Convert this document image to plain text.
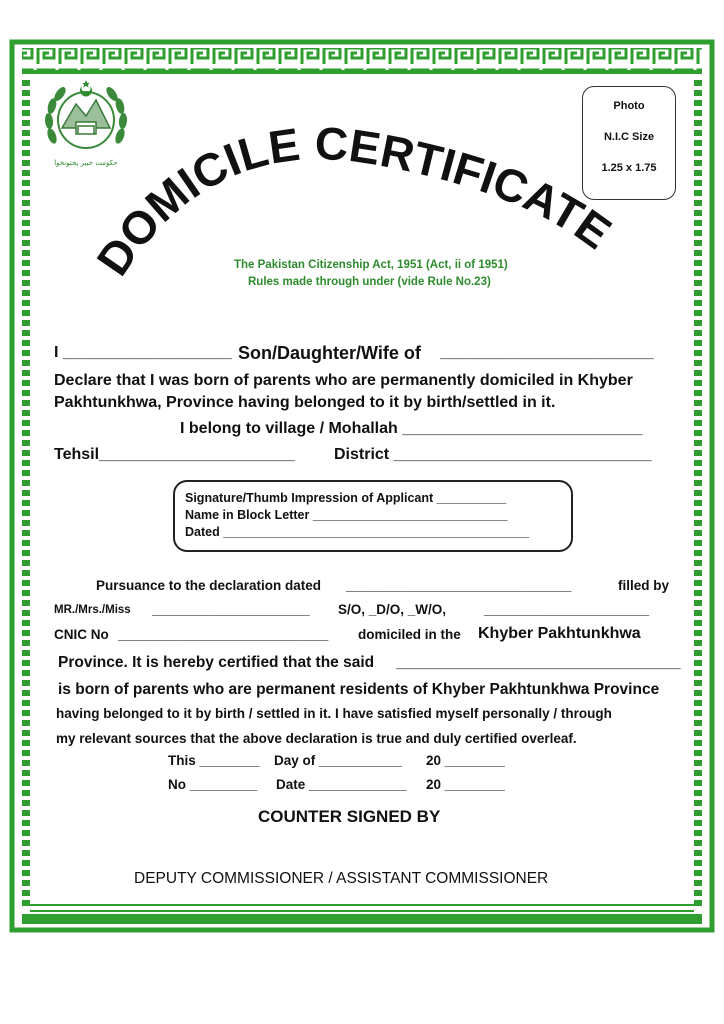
حکومت خیبر پختونخوا
Photo
N.I.C Size
1.25 x 1.75
DOMICILE CERTIFICATE
The Pakistan Citizenship Act, 1951 (Act, ii of 1951)
Rules made through under (vide Rule No.23)
I ___________________ Son/Daughter/Wife of ________________________
Declare that I was born of parents who are permanently domiciled in Khyber
Pakhtunkhwa, Province having belonged to it by birth/settled in it.
I belong to village / Mohallah ___________________________
Tehsil______________________ District _____________________________
Signature/Thumb Impression of Applicant __________
Name in Block Letter ____________________________
Dated ____________________________________________
Pursuance to the declaration dated ______________________________	filled by
MR./Mrs./Miss _____________________ S/O, _D/O, _W/O,	______________________
CNIC No ____________________________ domiciled in the Khyber Pakhtunkhwa
Province. It is hereby certified that the said _________________________________
is born of parents who are permanent residents of Khyber Pakhtunkhwa Province
having belonged to it by birth / settled in it. I have satisfied myself personally / through
my relevant sources that the above declaration is true and duly certified overleaf.
This ________ Day of ___________ 20 ________
No _________ Date _____________ 20 ________
COUNTER SIGNED BY
DEPUTY COMMISSIONER / ASSISTANT COMMISSIONER
